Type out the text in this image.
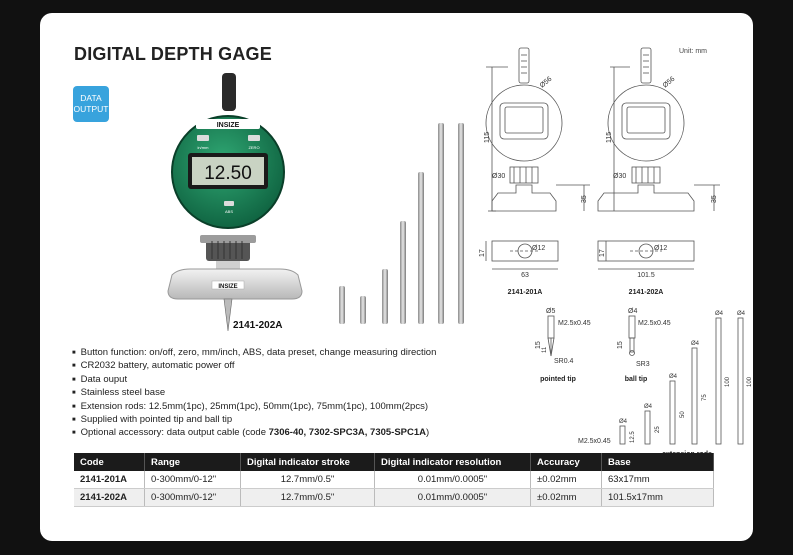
DIGITAL DEPTH GAGE
DATA
OUTPUT
Unit: mm
INSIZE
in/mm	ZERO
12.50
ABS
INSIZE
2141-202A
■ Button function: on/off, zero, mm/inch, ABS, data preset, change measuring direction
■ CR2032 battery, automatic power off
■ Data ouput
■ Stainless steel base
■ Extension rods: 12.5mm(1pc), 25mm(1pc), 50mm(1pc), 75mm(1pc), 100mm(2pcs)
■ Supplied with pointed tip and ball tip
■ Optional accessory: data output cable (code 7306-40, 7302-SPC3A, 7305-SPC1A)
Ø56
Ø30
115
35
Ø56
Ø30
115
35
17
Ø12
63
2141-201A
17
Ø12
101.5
2141-202A
Ø5
M2.5x0.45
15
11
SR0.4
pointed tip
Ø4
M2.5x0.45
15
SR3
ball tip
Ø4
Ø4
Ø4
Ø4
Ø4 Ø4
M2.5x0.45	12.5
25
50
75
100	100
Code	Range	Digital indicator stroke	Digital indicator resolution	Accuracy	Base
2141-201A	0-300mm/0-12"	12.7mm/0.5"	0.01mm/0.0005"	±0.02mm	63x17mm
2141-202A	0-300mm/0-12"	12.7mm/0.5"	0.01mm/0.0005"	±0.02mm	101.5x17mm
